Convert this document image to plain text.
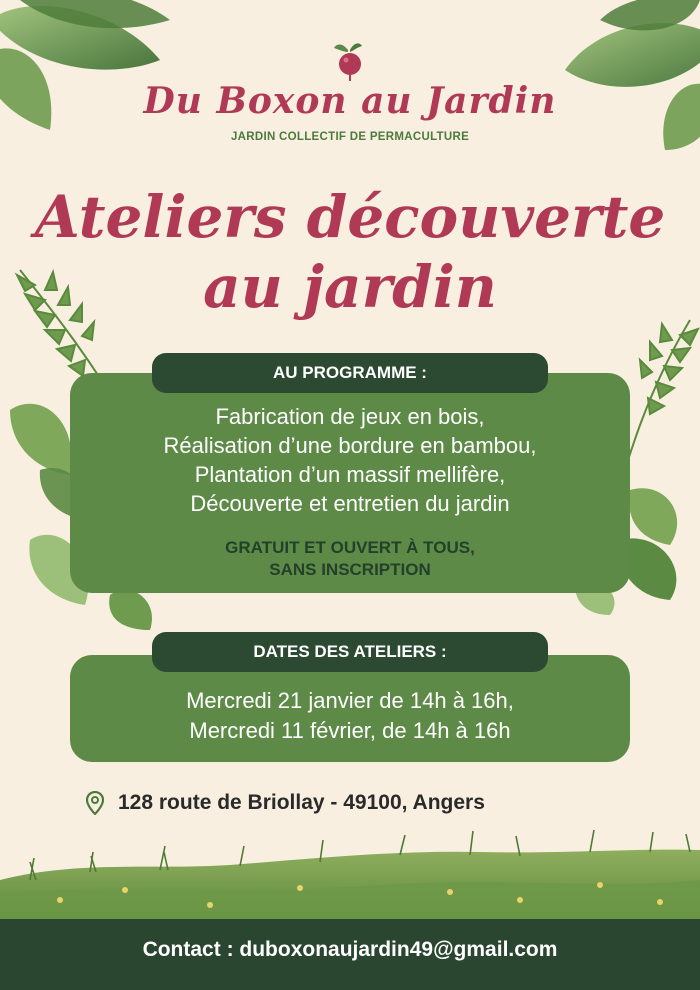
Du Boxon au Jardin
JARDIN COLLECTIF DE PERMACULTURE
Ateliers découverte
au jardin
AU PROGRAMME :
Fabrication de jeux en bois,
Réalisation d’une bordure en bambou,
Plantation d’un massif mellifère,
Découverte et entretien du jardin
GRATUIT ET OUVERT À TOUS,
SANS INSCRIPTION
DATES DES ATELIERS :
Mercredi 21 janvier de 14h à 16h,
Mercredi 11 février, de 14h à 16h
128 route de Briollay - 49100, Angers
Contact : duboxonaujardin49@gmail.com
